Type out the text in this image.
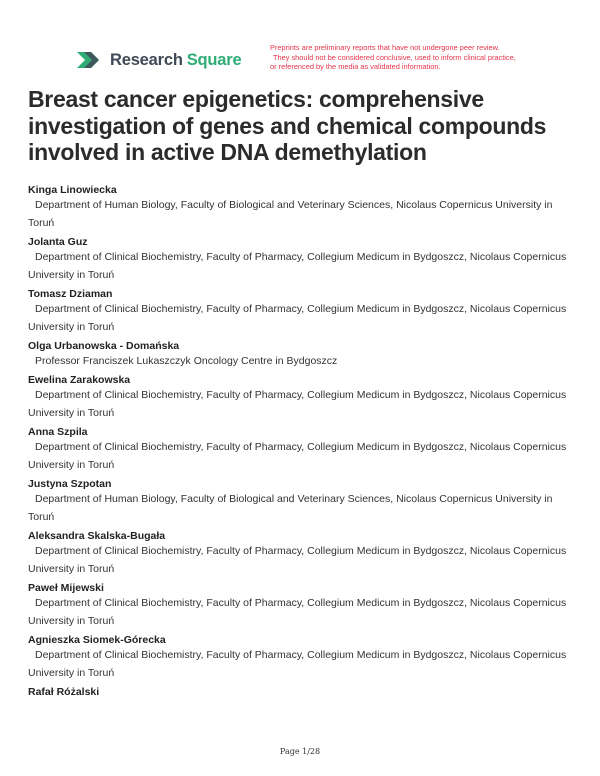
Research Square
Preprints are preliminary reports that have not undergone peer review.
They should not be considered conclusive, used to inform clinical practice,
or referenced by the media as validated information.
Breast cancer epigenetics: comprehensive investigation of genes and chemical compounds involved in active DNA demethylation
Kinga Linowiecka
Department of Human Biology, Faculty of Biological and Veterinary Sciences, Nicolaus Copernicus University in Toruń
Jolanta Guz
Department of Clinical Biochemistry, Faculty of Pharmacy, Collegium Medicum in Bydgoszcz, Nicolaus Copernicus University in Toruń
Tomasz Dziaman
Department of Clinical Biochemistry, Faculty of Pharmacy, Collegium Medicum in Bydgoszcz, Nicolaus Copernicus University in Toruń
Olga Urbanowska - Domańska
Professor Franciszek Lukaszczyk Oncology Centre in Bydgoszcz
Ewelina Zarakowska
Department of Clinical Biochemistry, Faculty of Pharmacy, Collegium Medicum in Bydgoszcz, Nicolaus Copernicus University in Toruń
Anna Szpila
Department of Clinical Biochemistry, Faculty of Pharmacy, Collegium Medicum in Bydgoszcz, Nicolaus Copernicus University in Toruń
Justyna Szpotan
Department of Human Biology, Faculty of Biological and Veterinary Sciences, Nicolaus Copernicus University in Toruń
Aleksandra Skalska-Bugała
Department of Clinical Biochemistry, Faculty of Pharmacy, Collegium Medicum in Bydgoszcz, Nicolaus Copernicus University in Toruń
Paweł Mijewski
Department of Clinical Biochemistry, Faculty of Pharmacy, Collegium Medicum in Bydgoszcz, Nicolaus Copernicus University in Toruń
Agnieszka Siomek-Górecka
Department of Clinical Biochemistry, Faculty of Pharmacy, Collegium Medicum in Bydgoszcz, Nicolaus Copernicus University in Toruń
Rafał Różalski
Page 1/28
